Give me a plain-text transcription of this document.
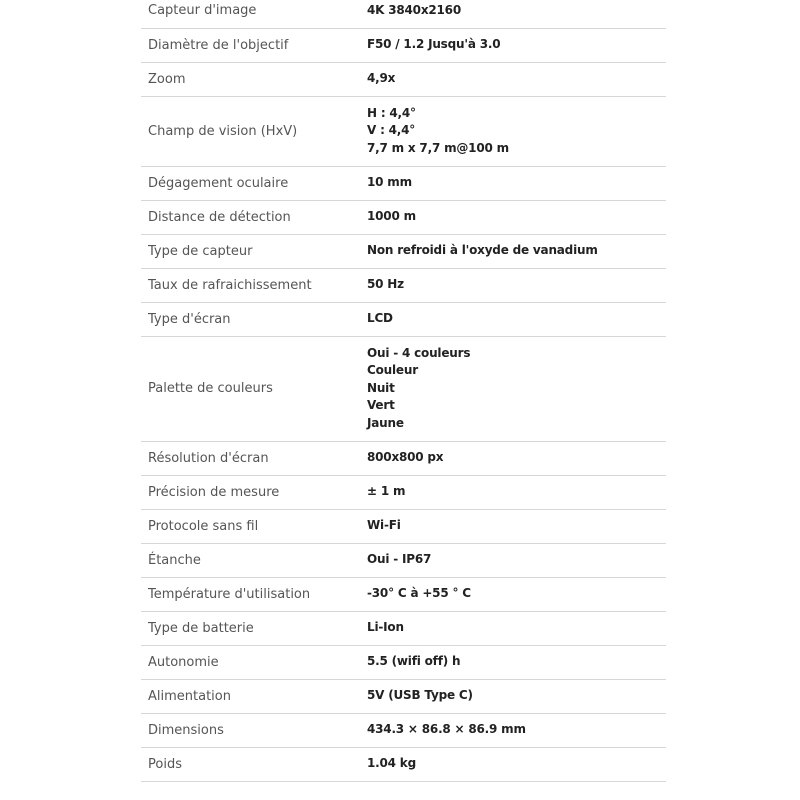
Capteur d'image	4K 3840x2160

Diamètre de l'objectif	F50 / 1.2 Jusqu'à 3.0

Zoom	4,9x

Champ de vision (HxV)	H : 4,4°
V : 4,4°
7,7 m x 7,7 m@100 m

Dégagement oculaire	10 mm

Distance de détection	1000 m

Type de capteur	Non refroidi à l'oxyde de vanadium

Taux de rafraichissement	50 Hz

Type d'écran	LCD

Palette de couleurs	Oui - 4 couleurs
Couleur
Nuit
Vert
Jaune

Résolution d'écran	800x800 px

Précision de mesure	± 1 m

Protocole sans fil	Wi-Fi

Étanche	Oui - IP67

Température d'utilisation	-30° C à +55 ° C

Type de batterie	Li-Ion

Autonomie	5.5 (wifi off) h

Alimentation	5V (USB Type C)

Dimensions	434.3 × 86.8 × 86.9 mm

Poids	1.04 kg
